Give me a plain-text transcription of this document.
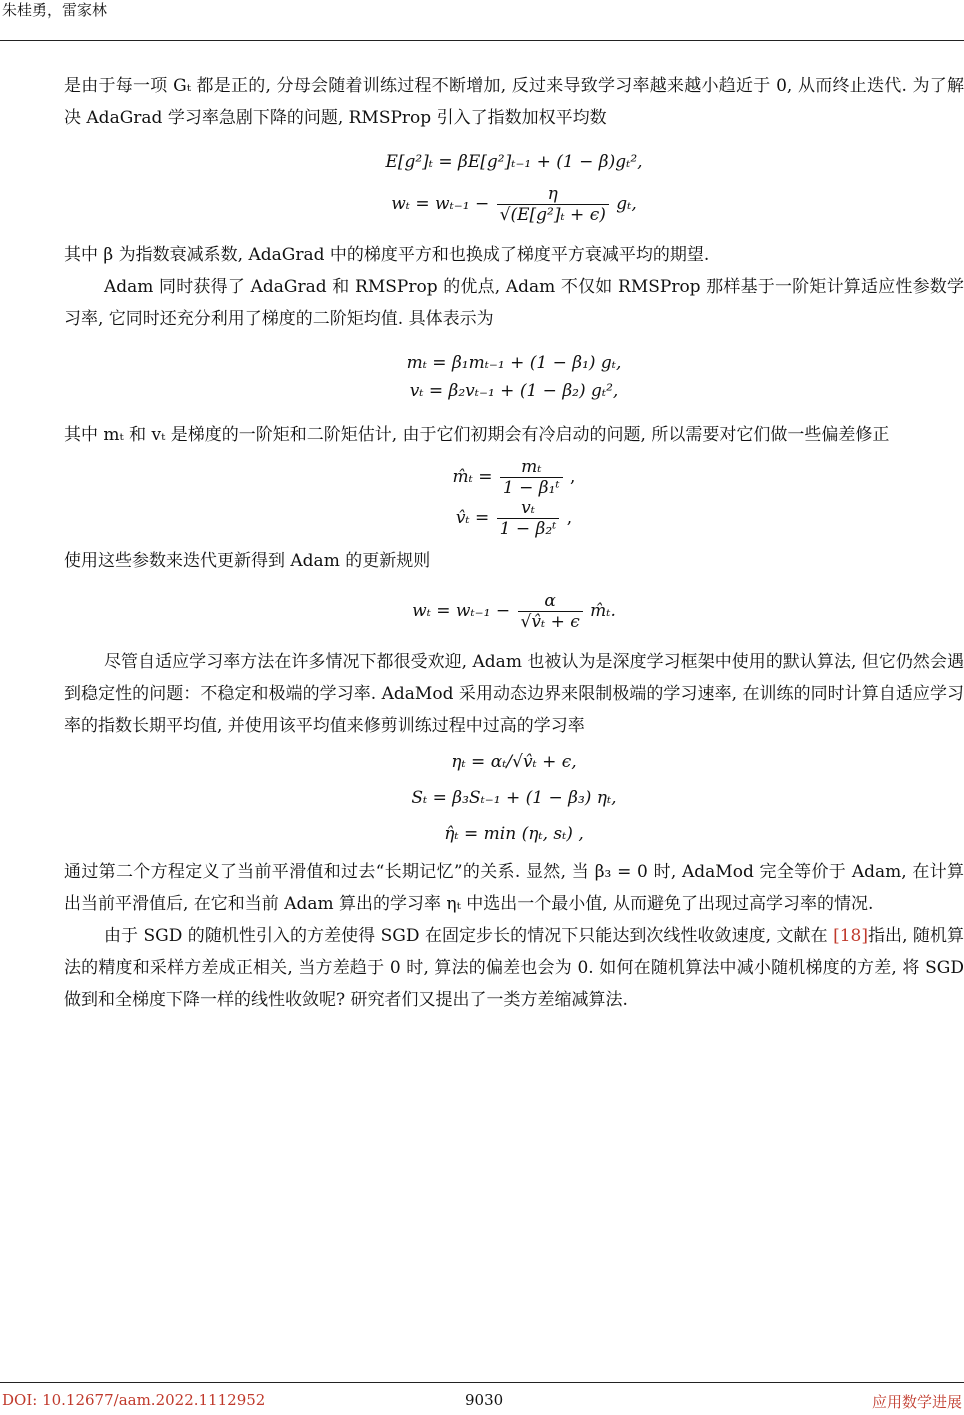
朱桂勇，雷家林

是由于每一项 Gₜ 都是正的, 分母会随着训练过程不断增加, 反过来导致学习率越来越小趋近于 0, 从而终止迭代. 为了解决 AdaGrad 学习率急剧下降的问题, RMSProp 引入了指数加权平均数

E[g²]ₜ = βE[g²]ₜ₋₁ + (1 − β)gₜ²,
$w_t = w_{t-1} - \frac{\eta}{\text{√(E[g²]ₜ + ϵ)}} g_t$,

其中 β 为指数衰减系数, AdaGrad 中的梯度平方和也换成了梯度平方衰减平均的期望.

Adam 同时获得了 AdaGrad 和 RMSProp 的优点, Adam 不仅如 RMSProp 那样基于一阶矩计算适应性参数学习率, 它同时还充分利用了梯度的二阶矩均值. 具体表示为

mₜ = β₁mₜ₋₁ + (1 − β₁) gₜ,
vₜ = β₂vₜ₋₁ + (1 − β₂) gₜ²,

其中 mₜ 和 vₜ 是梯度的一阶矩和二阶矩估计, 由于它们初期会有冷启动的问题, 所以需要对它们做一些偏差修正

m̂ₜ = $\frac{\text{mₜ}}{\text{1 − β₁ᵗ}}$ ,
v̂ₜ = $\frac{\text{vₜ}}{\text{1 − β₂ᵗ}}$ ,

使用这些参数来迭代更新得到 Adam 的更新规则

$w_t = w_{t-1} - \frac{\alpha}{\text{√v̂ₜ + ϵ}}$ m̂ₜ.

尽管自适应学习率方法在许多情况下都很受欢迎, Adam 也被认为是深度学习框架中使用的默认算法, 但它仍然会遇到稳定性的问题：不稳定和极端的学习率. AdaMod 采用动态边界来限制极端的学习速率, 在训练的同时计算自适应学习率的指数长期平均值, 并使用该平均值来修剪训练过程中过高的学习率

ηₜ = αₜ/√v̂ₜ + ϵ,
Sₜ = β₃Sₜ₋₁ + (1 − β₃) ηₜ,
η̂ₜ = min (ηₜ, sₜ) ,

通过第二个方程定义了当前平滑值和过去“长期记忆”的关系. 显然, 当 β₃ = 0 时, AdaMod 完全等价于 Adam, 在计算出当前平滑值后, 在它和当前 Adam 算出的学习率 ηₜ 中选出一个最小值, 从而避免了出现过高学习率的情况.

由于 SGD 的随机性引入的方差使得 SGD 在固定步长的情况下只能达到次线性收敛速度, 文献在 [18]指出, 随机算法的精度和采样方差成正相关, 当方差趋于 0 时, 算法的偏差也会为 0. 如何在随机算法中减小随机梯度的方差, 将 SGD 做到和全梯度下降一样的线性收敛呢? 研究者们又提出了一类方差缩减算法.

DOI: 10.12677/aam.2022.1112952	9030	应用数学进展
